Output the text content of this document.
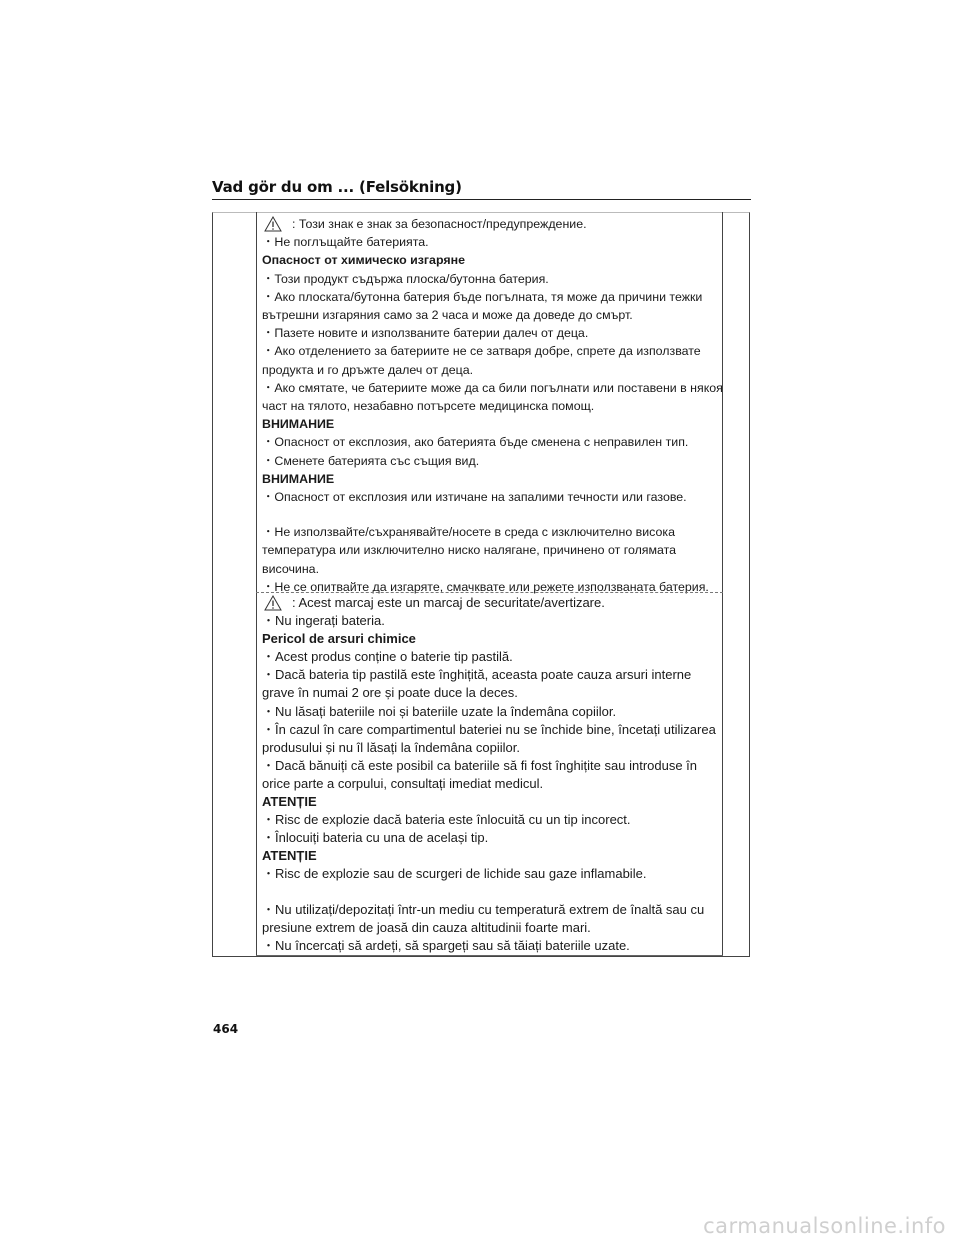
Vad gör du om ... (Felsökning)
: Този знак е знак за безопасност/предупреждение.
・Не поглъщайте батерията.
Опасност от химическо изгаряне
・Този продукт съдържа плоска/бутонна батерия.
・Ако плоската/бутонна батерия бъде погълната, тя може да причини тежки
вътрешни изгаряния само за 2 часа и може да доведе до смърт.
・Пазете новите и използваните батерии далеч от деца.
・Ако отделението за батериите не се затваря добре, спрете да използвате
продукта и го дръжте далеч от деца.
・Ако смятате, че батериите може да са били погълнати или поставени в някоя
част на тялото, незабавно потърсете медицинска помощ.
ВНИМАНИЕ
・Опасност от експлозия, ако батерията бъде сменена с неправилен тип.
・Сменете батерията със същия вид.
ВНИМАНИЕ
・Опасност от експлозия или изтичане на запалими течности или газове.
・Не използвайте/съхранявайте/носете в среда с изключително висока
температура или изключително ниско налягане, причинено от голямата
височина.
・Не се опитвайте да изгаряте, смачквате или режете използваната батерия.
: Acest marcaj este un marcaj de securitate/avertizare.
・Nu ingerați bateria.
Pericol de arsuri chimice
・Acest produs conține o baterie tip pastilă.
・Dacă bateria tip pastilă este înghițită, aceasta poate cauza arsuri interne
grave în numai 2 ore și poate duce la deces.
・Nu lăsați bateriile noi și bateriile uzate la îndemâna copiilor.
・În cazul în care compartimentul bateriei nu se închide bine, încetați utilizarea
produsului și nu îl lăsați la îndemâna copiilor.
・Dacă bănuiți că este posibil ca bateriile să fi fost înghițite sau introduse în
orice parte a corpului, consultați imediat medicul.
ATENȚIE
・Risc de explozie dacă bateria este înlocuită cu un tip incorect.
・Înlocuiți bateria cu una de același tip.
ATENȚIE
・Risc de explozie sau de scurgeri de lichide sau gaze inflamabile.
・Nu utilizați/depozitați într-un mediu cu temperatură extrem de înaltă sau cu
presiune extrem de joasă din cauza altitudinii foarte mari.
・Nu încercați să ardeți, să spargeți sau să tăiați bateriile uzate.
464
carmanualsonline.info
